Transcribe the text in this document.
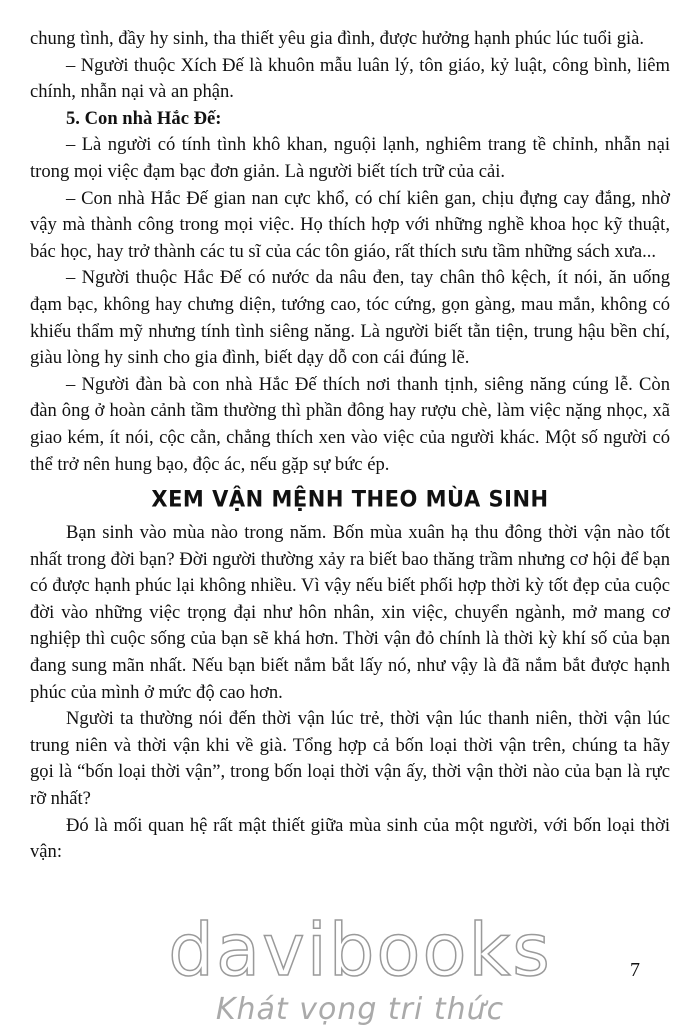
chung tình, đầy hy sinh, tha thiết yêu gia đình, được hưởng hạnh phúc lúc tuổi già.

– Người thuộc Xích Đế là khuôn mẫu luân lý, tôn giáo, kỷ luật, công bình, liêm chính, nhẫn nại và an phận.

5. Con nhà Hắc Đế:

– Là người có tính tình khô khan, nguội lạnh, nghiêm trang tề chỉnh, nhẫn nại trong mọi việc đạm bạc đơn giản. Là người biết tích trữ của cải.

– Con nhà Hắc Đế gian nan cực khổ, có chí kiên gan, chịu đựng cay đắng, nhờ vậy mà thành công trong mọi việc. Họ thích hợp với những nghề khoa học kỹ thuật, bác học, hay trở thành các tu sĩ của các tôn giáo, rất thích sưu tầm những sách xưa...

– Người thuộc Hắc Đế có nước da nâu đen, tay chân thô kệch, ít nói, ăn uống đạm bạc, không hay chưng diện, tướng cao, tóc cứng, gọn gàng, mau mắn, không có khiếu thẩm mỹ nhưng tính tình siêng năng. Là người biết tằn tiện, trung hậu bền chí, giàu lòng hy sinh cho gia đình, biết dạy dỗ con cái đúng lẽ.

– Người đàn bà con nhà Hắc Đế thích nơi thanh tịnh, siêng năng cúng lễ. Còn đàn ông ở hoàn cảnh tầm thường thì phần đông hay rượu chè, làm việc nặng nhọc, xã giao kém, ít nói, cộc cằn, chẳng thích xen vào việc của người khác. Một số người có thể trở nên hung bạo, độc ác, nếu gặp sự bức ép.

XEM VẬN MỆNH THEO MÙA SINH

Bạn sinh vào mùa nào trong năm. Bốn mùa xuân hạ thu đông thời vận nào tốt nhất trong đời bạn? Đời người thường xảy ra biết bao thăng trầm nhưng cơ hội để bạn có được hạnh phúc lại không nhiều. Vì vậy nếu biết phối hợp thời kỳ tốt đẹp của cuộc đời vào những việc trọng đại như hôn nhân, xin việc, chuyển ngành, mở mang cơ nghiệp thì cuộc sống của bạn sẽ khá hơn. Thời vận đỏ chính là thời kỳ khí số của bạn đang sung mãn nhất. Nếu bạn biết nắm bắt lấy nó, như vậy là đã nắm bắt được hạnh phúc của mình ở mức độ cao hơn.

Người ta thường nói đến thời vận lúc trẻ, thời vận lúc thanh niên, thời vận lúc trung niên và thời vận khi về già. Tổng hợp cả bốn loại thời vận trên, chúng ta hãy gọi là “bốn loại thời vận”, trong bốn loại thời vận ấy, thời vận thời nào của bạn là rực rỡ nhất?

Đó là mối quan hệ rất mật thiết giữa mùa sinh của một người, với bốn loại thời vận:

davibooks
Khát vọng tri thức
7
